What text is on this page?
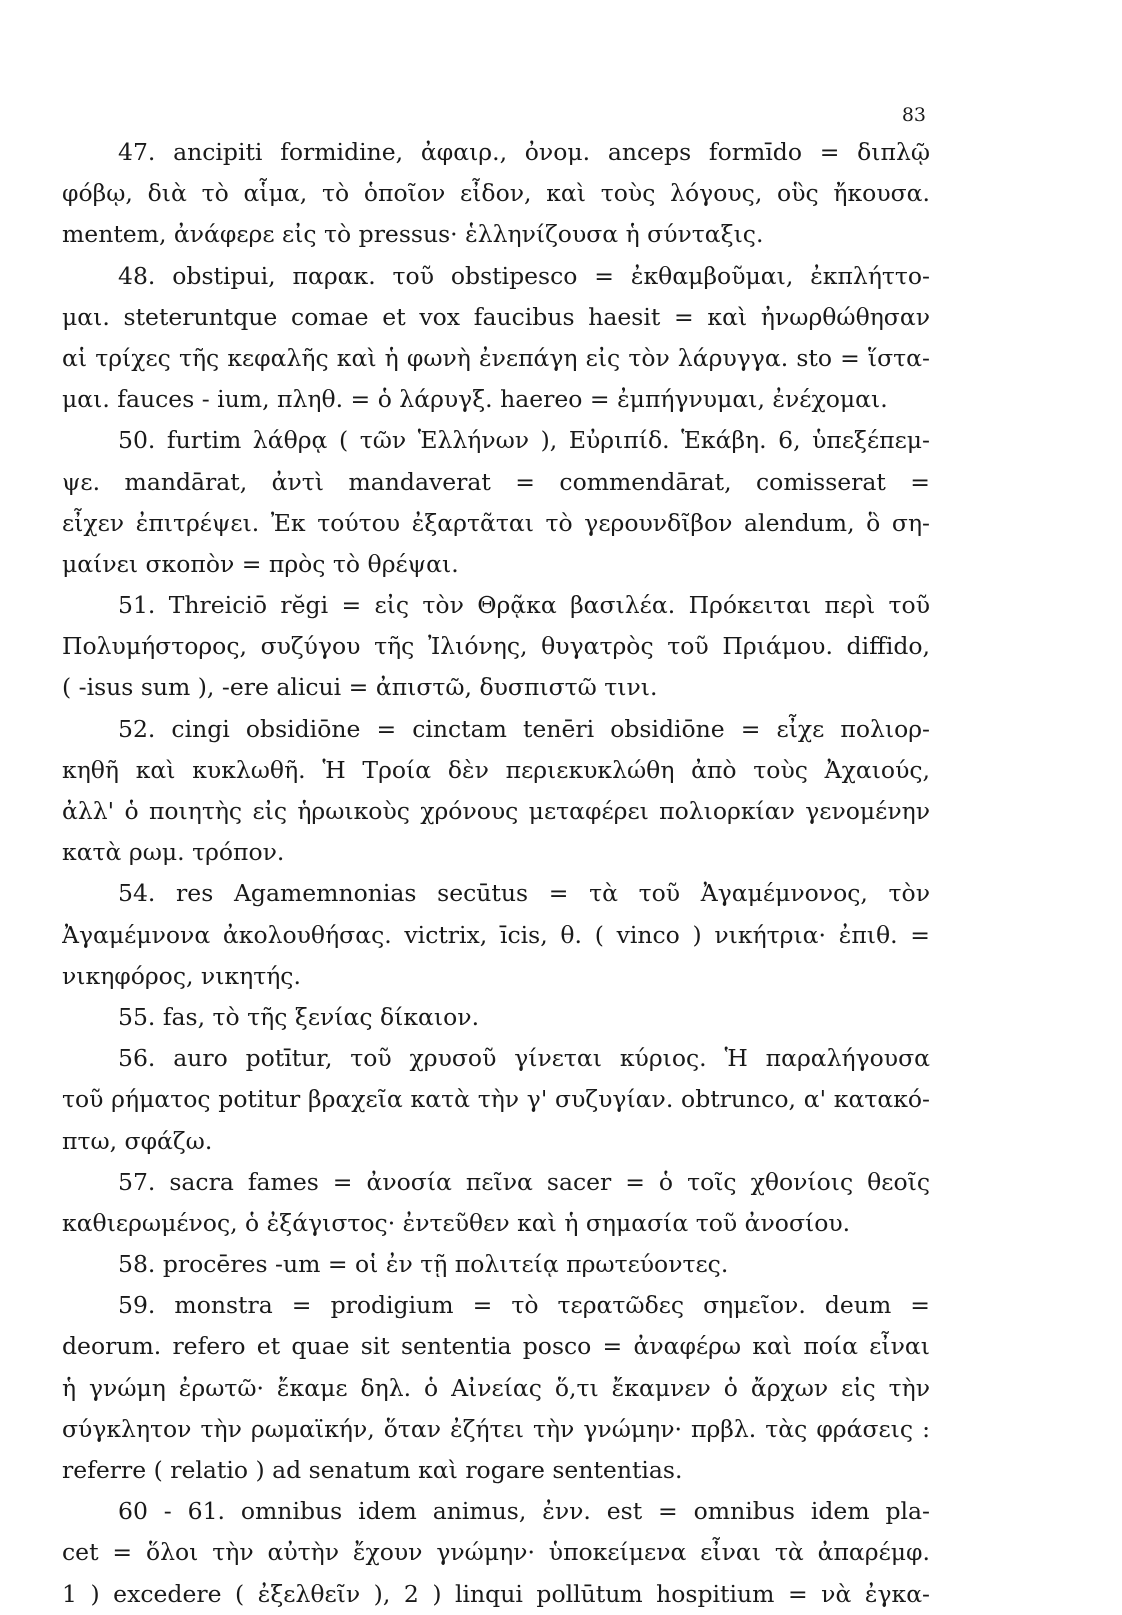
83
47. ancipiti formidine, ἀφαιρ., ὀνομ. anceps formīdo = διπλῷ
φόβῳ, διὰ τὸ αἷμα, τὸ ὁποῖον εἶδον, καὶ τοὺς λόγους, οὓς ἤκουσα.
mentem, ἀνάφερε εἰς τὸ pressus· ἑλληνίζουσα ἡ σύνταξις.
48. obstipui, παρακ. τοῦ obstipesco = ἐκθαμβοῦμαι, ἐκπλήττο-
μαι. steteruntque comae et vox faucibus haesit = καὶ ἠνωρθώθησαν
αἱ τρίχες τῆς κεφαλῆς καὶ ἡ φωνὴ ἐνεπάγη εἰς τὸν λάρυγγα. sto = ἵστα-
μαι. fauces - ium, πληθ. = ὁ λάρυγξ. haereo = ἐμπήγνυμαι, ἐνέχομαι.
50. furtim λάθρᾳ ( τῶν Ἑλλήνων ), Εὐριπίδ. Ἑκάβη. 6, ὑπεξέπεμ-
ψε. mandārat, ἀντὶ mandaverat = commendārat, comisserat =
εἶχεν ἐπιτρέψει. Ἐκ τούτου ἐξαρτᾶται τὸ γερουνδῖβον alendum, ὃ ση-
μαίνει σκοπὸν = πρὸς τὸ θρέψαι.
51. Threiciō rĕgi = εἰς τὸν Θρᾷκα βασιλέα. Πρόκειται περὶ τοῦ
Πολυμήστορος, συζύγου τῆς Ἰλιόνης, θυγατρὸς τοῦ Πριάμου. diffido,
( -isus sum ), -ere alicui = ἀπιστῶ, δυσπιστῶ τινι.
52. cingi obsidiōne = cinctam tenēri obsidiōne = εἶχε πολιορ-
κηθῆ καὶ κυκλωθῆ. Ἡ Τροία δὲν περιεκυκλώθη ἀπὸ τοὺς Ἀχαιούς,
ἀλλ' ὁ ποιητὴς εἰς ἡρωικοὺς χρόνους μεταφέρει πολιορκίαν γενομένην
κατὰ ρωμ. τρόπον.
54. res Agamemnonias secūtus = τὰ τοῦ Ἀγαμέμνονος, τὸν
Ἀγαμέμνονα ἀκολουθήσας. victrix, īcis, θ. ( vinco ) νικήτρια· ἐπιθ. =
νικηφόρος, νικητής.
55. fas, τὸ τῆς ξενίας δίκαιον.
56. auro potītur, τοῦ χρυσοῦ γίνεται κύριος. Ἡ παραλήγουσα
τοῦ ρήματος potitur βραχεῖα κατὰ τὴν γ' συζυγίαν. obtrunco, α' κατακό-
πτω, σφάζω.
57. sacra fames = ἀνοσία πεῖνα sacer = ὁ τοῖς χθονίοις θεοῖς
καθιερωμένος, ὁ ἐξάγιστος· ἐντεῦθεν καὶ ἡ σημασία τοῦ ἀνοσίου.
58. procēres -um = οἱ ἐν τῇ πολιτείᾳ πρωτεύοντες.
59. monstra = prodigium = τὸ τερατῶδες σημεῖον. deum =
deorum. refero et quae sit sententia posco = ἀναφέρω καὶ ποία εἶναι
ἡ γνώμη ἐρωτῶ· ἔκαμε δηλ. ὁ Αἰνείας ὅ,τι ἔκαμνεν ὁ ἄρχων εἰς τὴν
σύγκλητον τὴν ρωμαϊκήν, ὅταν ἐζήτει τὴν γνώμην· πρβλ. τὰς φράσεις :
referre ( relatio ) ad senatum καὶ rogare sententias.
60 - 61. omnibus idem animus, ἐνν. est = omnibus idem pla-
cet = ὅλοι τὴν αὐτὴν ἔχουν γνώμην· ὑποκείμενα εἶναι τὰ ἀπαρέμφ.
1 ) excedere ( ἐξελθεῖν ), 2 ) linqui pollūtum hospitium = νὰ ἐγκα-
